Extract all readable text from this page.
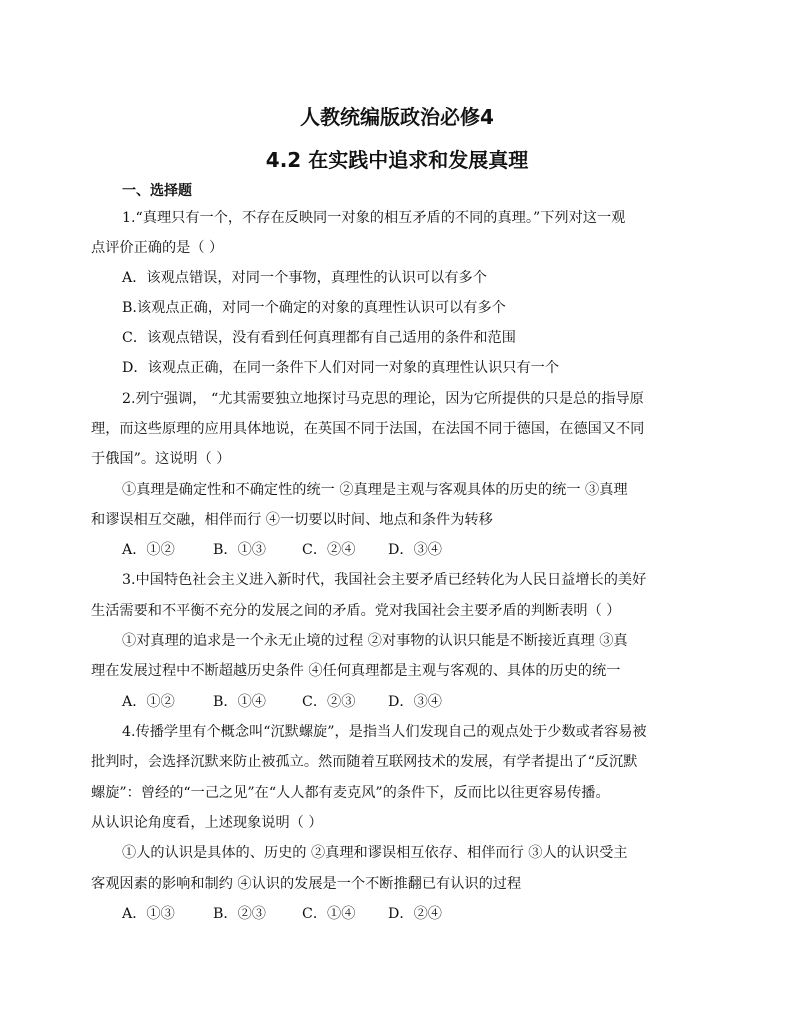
人教统编版政治必修4
4.2 在实践中追求和发展真理
一、选择题
1.“真理只有一个，不存在反映同一对象的相互矛盾的不同的真理。”下列对这一观
点评价正确的是（ ）
A．该观点错误，对同一个事物，真理性的认识可以有多个
B.该观点正确，对同一个确定的对象的真理性认识可以有多个
C．该观点错误，没有看到任何真理都有自己适用的条件和范围
D．该观点正确，在同一条件下人们对同一对象的真理性认识只有一个
2.列宁强调， “尤其需要独立地探讨马克思的理论，因为它所提供的只是总的指导原
理，而这些原理的应用具体地说，在英国不同于法国，在法国不同于德国，在德国又不同
于俄国”。这说明（ ）
①真理是确定性和不确定性的统一 ②真理是主观与客观具体的历史的统一 ③真理
和谬误相互交融，相伴而行 ④一切要以时间、地点和条件为转移
A．①②	B．①③	C．②④ D．③④
3.中国特色社会主义进入新时代，我国社会主要矛盾已经转化为人民日益增长的美好
生活需要和不平衡不充分的发展之间的矛盾。党对我国社会主要矛盾的判断表明（ ）
①对真理的追求是一个永无止境的过程 ②对事物的认识只能是不断接近真理 ③真
理在发展过程中不断超越历史条件 ④任何真理都是主观与客观的、具体的历史的统一
A．①②	B．①④	C．②③ D．③④
4.传播学里有个概念叫“沉默螺旋”，是指当人们发现自己的观点处于少数或者容易被
批判时，会选择沉默来防止被孤立。然而随着互联网技术的发展，有学者提出了“反沉默
螺旋”：曾经的“一己之见”在“人人都有麦克风”的条件下，反而比以往更容易传播。
从认识论角度看，上述现象说明（ ）
①人的认识是具体的、历史的 ②真理和谬误相互依存、相伴而行 ③人的认识受主
客观因素的影响和制约 ④认识的发展是一个不断推翻已有认识的过程
A．①③	B．②③	C．①④ D．②④
